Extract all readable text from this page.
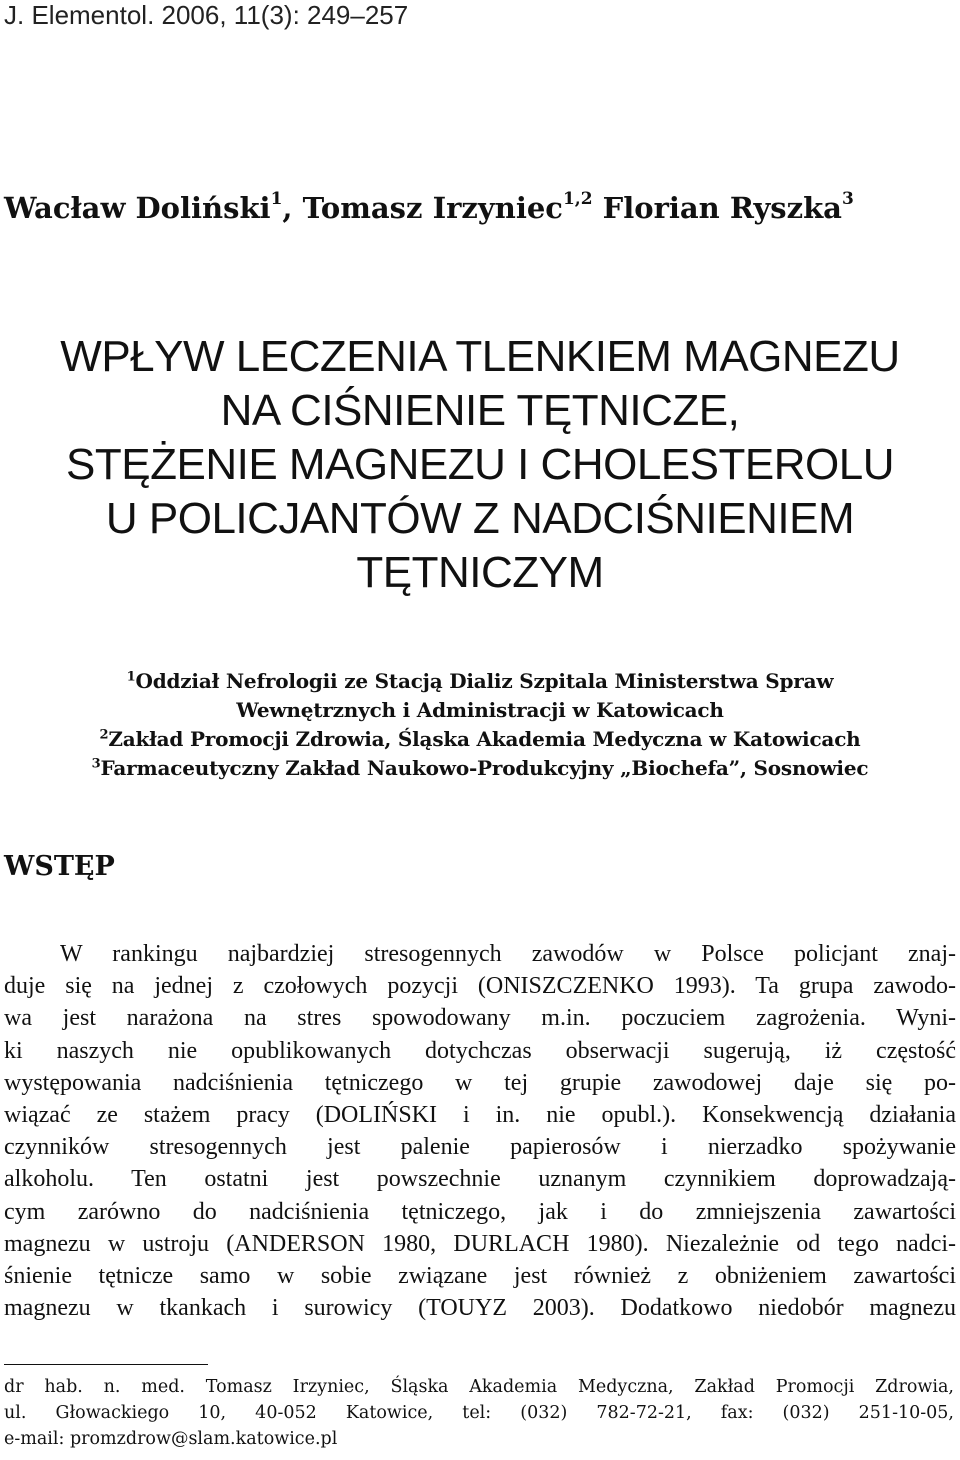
J. Elementol. 2006, 11(3): 249–257
Wacław Doliński$^1$, Tomasz Irzyniec$^{1,2}$ Florian Ryszka$^3$
WPŁYW LECZENIA TLENKIEM MAGNEZU
NA CIŚNIENIE TĘTNICZE,
STĘŻENIE MAGNEZU I CHOLESTEROLU
U POLICJANTÓW Z NADCIŚNIENIEM
TĘTNICZYM
$^1$Oddział Nefrologii ze Stacją Dializ Szpitala Ministerstwa Spraw
Wewnętrznych i Administracji w Katowicach
$^2$Zakład Promocji Zdrowia, Śląska Akademia Medyczna w Katowicach
$^3$Farmaceutyczny Zakład Naukowo-Produkcyjny „Biochefa”, Sosnowiec
WSTĘP
W rankingu najbardziej stresogennych zawodów w Polsce policjant znaj-
duje się na jednej z czołowych pozycji (ONISZCZENKO 1993). Ta grupa zawodo-
wa jest narażona na stres spowodowany m.in. poczuciem zagrożenia. Wyni-
ki naszych nie opublikowanych dotychczas obserwacji sugerują, iż częstość
występowania nadciśnienia tętniczego w tej grupie zawodowej daje się po-
wiązać ze stażem pracy (DOLIŃSKI i in. nie opubl.). Konsekwencją działania
czynników stresogennych jest palenie papierosów i nierzadko spożywanie
alkoholu. Ten ostatni jest powszechnie uznanym czynnikiem doprowadzają-
cym zarówno do nadciśnienia tętniczego, jak i do zmniejszenia zawartości
magnezu w ustroju (ANDERSON 1980, DURLACH 1980). Niezależnie od tego nadci-
śnienie tętnicze samo w sobie związane jest również z obniżeniem zawartości
magnezu w tkankach i surowicy (TOUYZ 2003). Dodatkowo niedobór magnezu
dr hab. n. med. Tomasz Irzyniec, Śląska Akademia Medyczna, Zakład Promocji Zdrowia,
ul. Głowackiego 10, 40-052 Katowice, tel: (032) 782-72-21, fax: (032) 251-10-05,
e-mail: promzdrow@slam.katowice.pl
